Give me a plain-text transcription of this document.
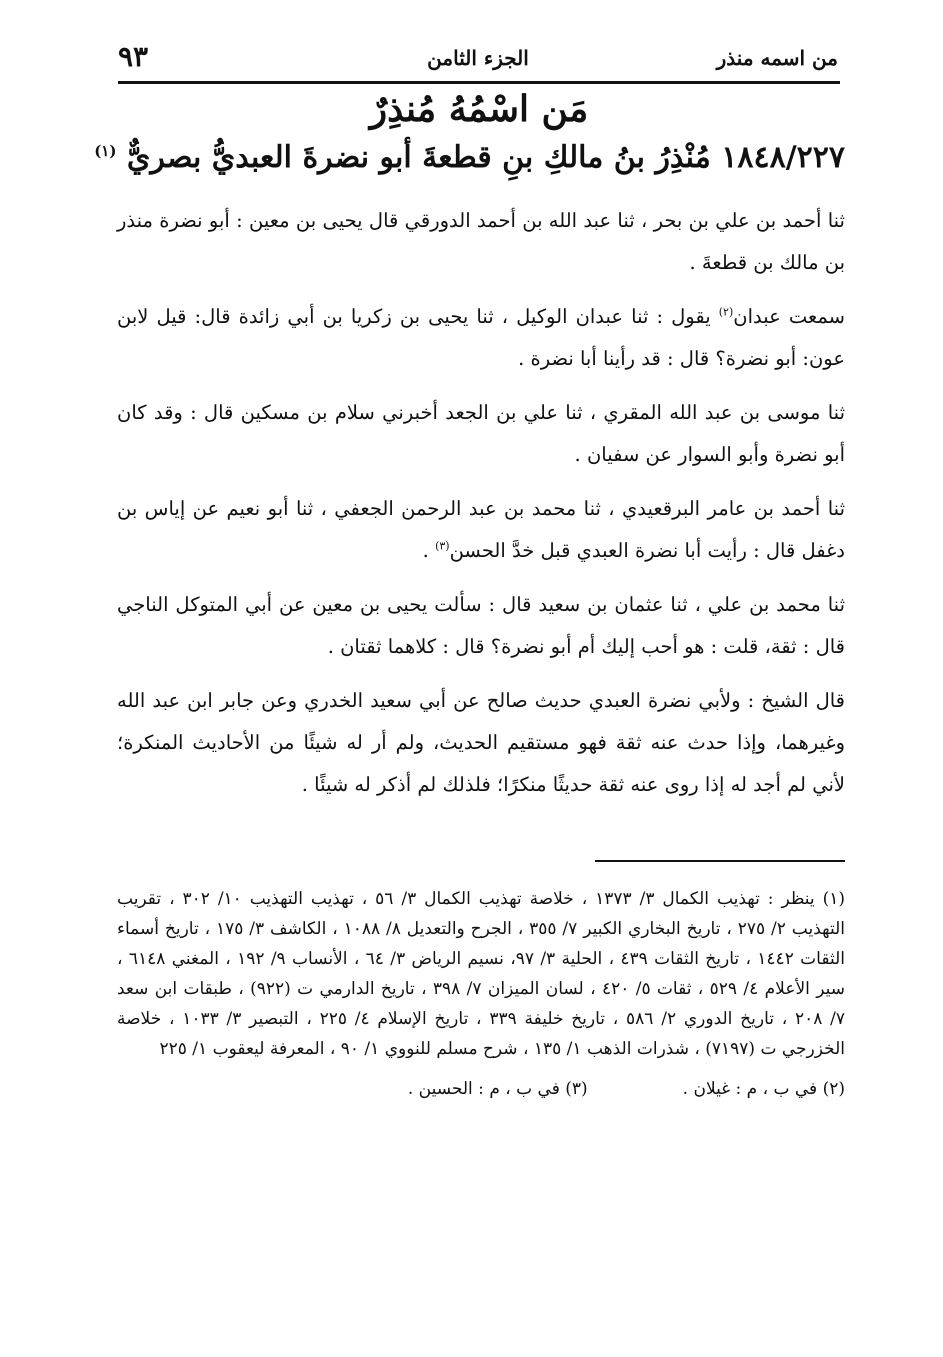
من اسمه منذر
الجزء الثامن
٩٣
مَن اسْمُهُ مُنذِرٌ
١٨٤٨/٢٢٧ مُنْذِرُ بنُ مالكِ بنِ قطعةَ أبو نضرةَ العبديُّ بصريٌّ $^{(١)}$

ثنا أحمد بن علي بن بحر ، ثنا عبد الله بن أحمد الدورقي قال يحيى بن معين : أبو نضرة منذر بن مالك بن قطعةَ .

سمعت عبدان$^{(٢)}$ يقول : ثنا عبدان الوكيل ، ثنا يحيى بن زكريا بن أبي زائدة قال: قيل لابن عون: أبو نضرة؟ قال : قد رأينا أبا نضرة .

ثنا موسى بن عبد الله المقري ، ثنا علي بن الجعد أخبرني سلام بن مسكين قال : وقد كان أبو نضرة وأبو السوار عن سفيان .

ثنا أحمد بن عامر البرقعيدي ، ثنا محمد بن عبد الرحمن الجعفي ، ثنا أبو نعيم عن إياس بن دغفل قال : رأيت أبا نضرة العبدي قبل خدَّ الحسن$^{(٣)}$ .

ثنا محمد بن علي ، ثنا عثمان بن سعيد قال : سألت يحيى بن معين عن أبي المتوكل الناجي قال : ثقة، قلت : هو أحب إليك أم أبو نضرة؟ قال : كلاهما ثقتان .

قال الشيخ : ولأبي نضرة العبدي حديث صالح عن أبي سعيد الخدري وعن جابر ابن عبد الله وغيرهما، وإذا حدث عنه ثقة فهو مستقيم الحديث، ولم أر له شيئًا من الأحاديث المنكرة؛ لأني لم أجد له إذا روى عنه ثقة حديثًا منكرًا؛ فلذلك لم أذكر له شيئًا .

(١) ينظر : تهذيب الكمال ٣/ ١٣٧٣ ، خلاصة تهذيب الكمال ٣/ ٥٦ ، تهذيب التهذيب ١٠/ ٣٠٢ ، تقريب التهذيب ٢/ ٢٧٥ ، تاريخ البخاري الكبير ٧/ ٣٥٥ ، الجرح والتعديل ٨/ ١٠٨٨ ، الكاشف ٣/ ١٧٥ ، تاريخ أسماء الثقات ١٤٤٢ ، تاريخ الثقات ٤٣٩ ، الحلية ٣/ ٩٧، نسيم الرياض ٣/ ٦٤ ، الأنساب ٩/ ١٩٢ ، المغني ٦١٤٨ ، سير الأعلام ٤/ ٥٢٩ ، ثقات ٥/ ٤٢٠ ، لسان الميزان ٧/ ٣٩٨ ، تاريخ الدارمي ت (٩٢٢) ، طبقات ابن سعد ٧/ ٢٠٨ ، تاريخ الدوري ٢/ ٥٨٦ ، تاريخ خليفة ٣٣٩ ، تاريخ الإسلام ٤/ ٢٢٥ ، التبصير ٣/ ١٠٣٣ ، خلاصة الخزرجي ت (٧١٩٧) ، شذرات الذهب ١/ ١٣٥ ، شرح مسلم للنووي ١/ ٩٠ ، المعرفة ليعقوب ١/ ٢٢٥

(٢) في ب ، م : غيلان .
(٣) في ب ، م : الحسين .
